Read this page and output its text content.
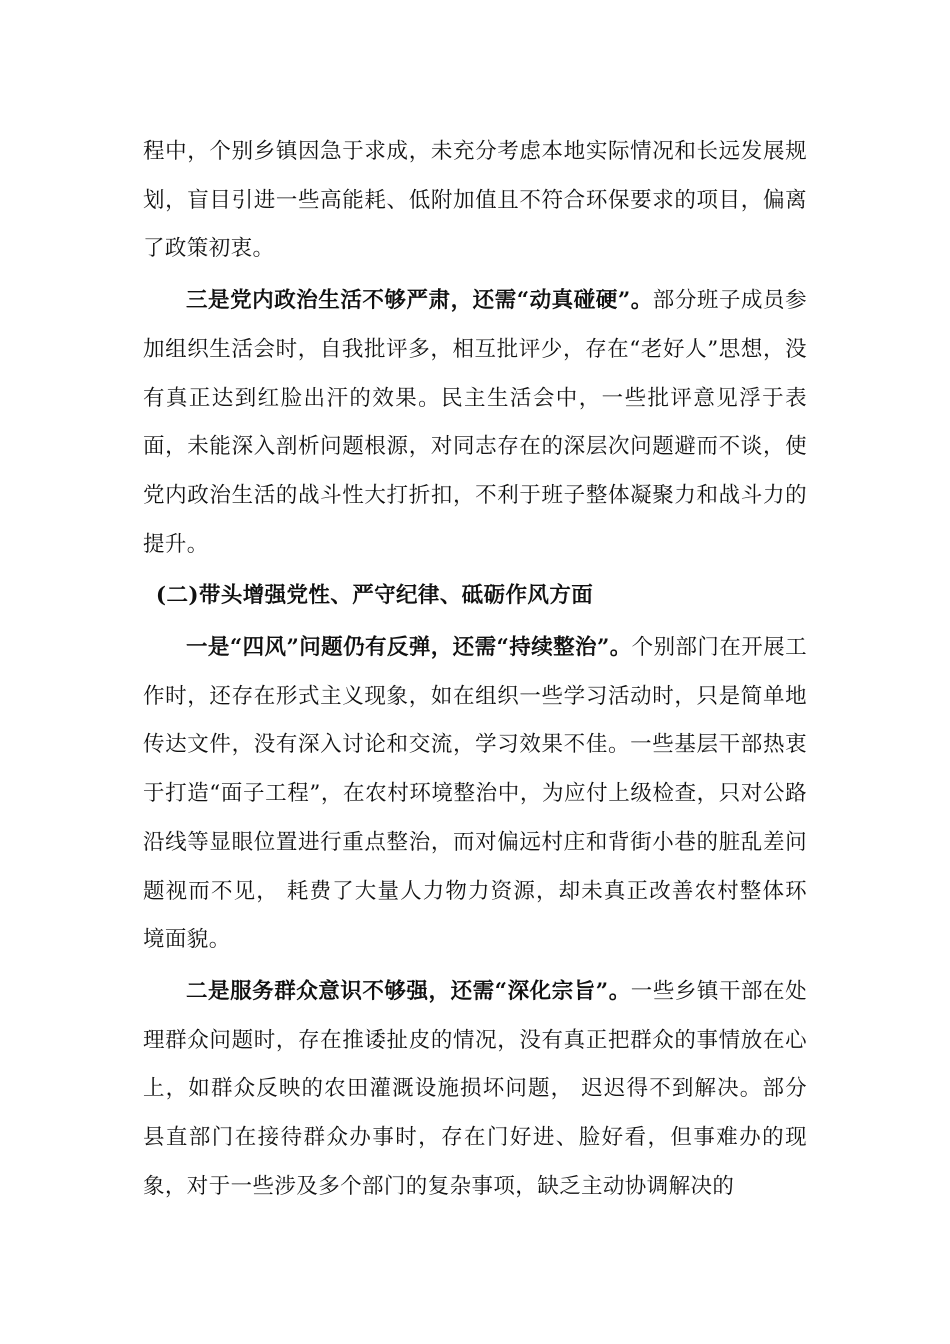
程中，个别乡镇因急于求成，未充分考虑本地实际情况和长远发展规划，盲目引进一些高能耗、低附加值且不符合环保要求的项目，偏离了政策初衷。

三是党内政治生活不够严肃，还需“动真碰硬”。部分班子成员参加组织生活会时，自我批评多，相互批评少，存在“老好人”思想，没有真正达到红脸出汗的效果。民主生活会中，一些批评意见浮于表面，未能深入剖析问题根源，对同志存在的深层次问题避而不谈，使党内政治生活的战斗性大打折扣，不利于班子整体凝聚力和战斗力的提升。

(二)带头增强党性、严守纪律、砥砺作风方面

一是“四风”问题仍有反弹，还需“持续整治”。个别部门在开展工作时，还存在形式主义现象，如在组织一些学习活动时，只是简单地传达文件，没有深入讨论和交流，学习效果不佳。一些基层干部热衷于打造“面子工程”，在农村环境整治中，为应付上级检查，只对公路沿线等显眼位置进行重点整治，而对偏远村庄和背街小巷的脏乱差问题视而不见， 耗费了大量人力物力资源，却未真正改善农村整体环境面貌。

二是服务群众意识不够强，还需“深化宗旨”。一些乡镇干部在处理群众问题时，存在推诿扯皮的情况，没有真正把群众的事情放在心上，如群众反映的农田灌溉设施损坏问题， 迟迟得不到解决。部分县直部门在接待群众办事时，存在门好进、脸好看，但事难办的现象，对于一些涉及多个部门的复杂事项，缺乏主动协调解决的
